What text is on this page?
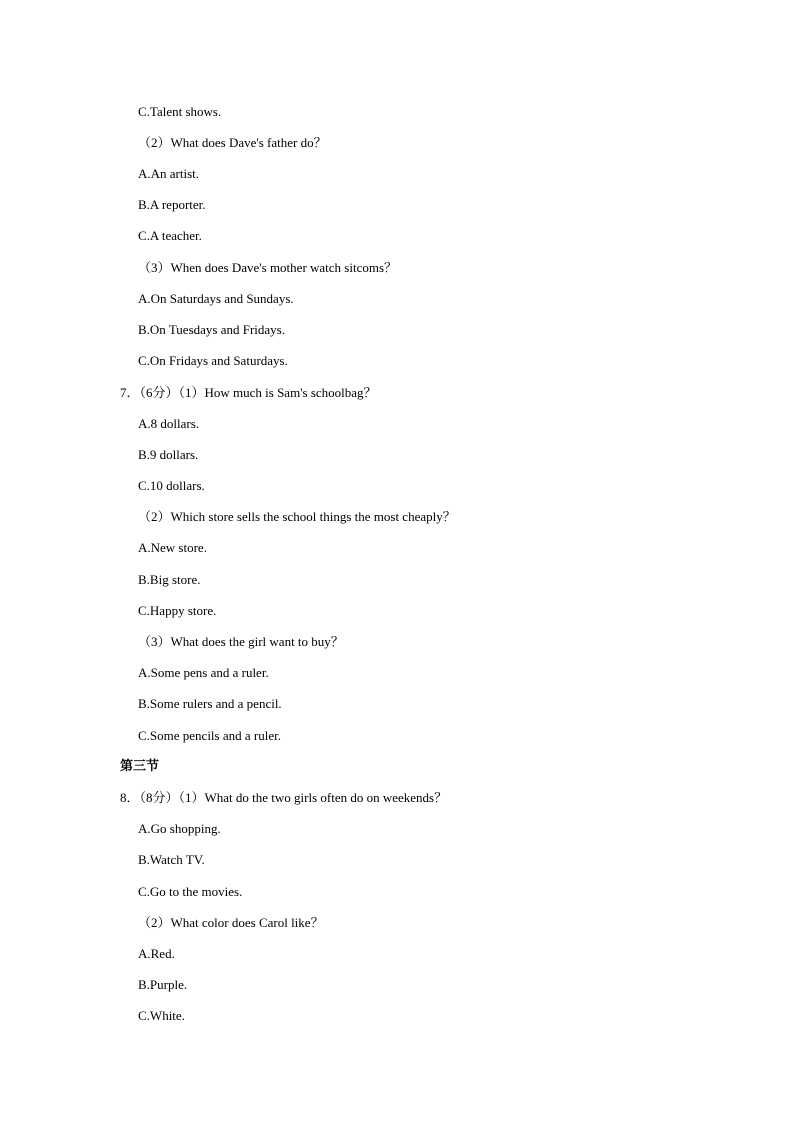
C.Talent shows.
（2）What does Dave's father do？
A.An artist.
B.A reporter.
C.A teacher.
（3）When does Dave's mother watch sitcoms？
A.On Saturdays and Sundays.
B.On Tuesdays and Fridays.
C.On Fridays and Saturdays.
7．（6分）（1）How much is Sam's schoolbag？
A.8 dollars.
B.9 dollars.
C.10 dollars.
（2）Which store sells the school things the most cheaply？
A.New store.
B.Big store.
C.Happy store.
（3）What does the girl want to buy？
A.Some pens and a ruler.
B.Some rulers and a pencil.
C.Some pencils and a ruler.
第三节
8．（8分）（1）What do the two girls often do on weekends？
A.Go shopping.
B.Watch TV.
C.Go to the movies.
（2）What color does Carol like？
A.Red.
B.Purple.
C.White.
